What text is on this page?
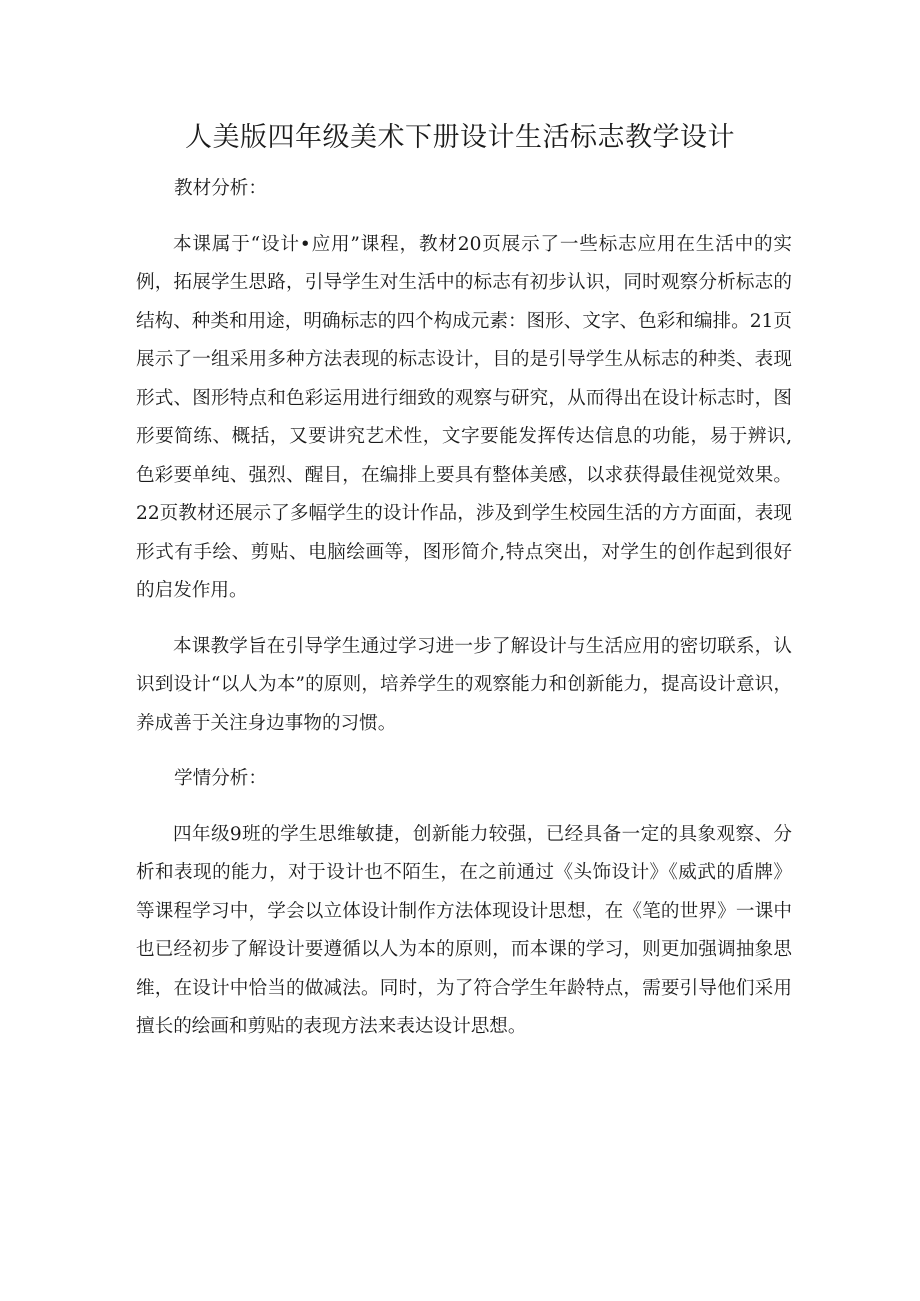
人美版四年级美术下册设计生活标志教学设计

教材分析：

本课属于“设计•应用”课程，教材20页展示了一些标志应用在生活中的实例，拓展学生思路，引导学生对生活中的标志有初步认识，同时观察分析标志的结构、种类和用途，明确标志的四个构成元素：图形、文字、色彩和编排。21页展示了一组采用多种方法表现的标志设计，目的是引导学生从标志的种类、表现形式、图形特点和色彩运用进行细致的观察与研究，从而得出在设计标志时，图形要简练、概括，又要讲究艺术性，文字要能发挥传达信息的功能，易于辨识,色彩要单纯、强烈、醒目，在编排上要具有整体美感，以求获得最佳视觉效果。22页教材还展示了多幅学生的设计作品，涉及到学生校园生活的方方面面，表现形式有手绘、剪贴、电脑绘画等，图形简介,特点突出，对学生的创作起到很好的启发作用。

本课教学旨在引导学生通过学习进一步了解设计与生活应用的密切联系，认识到设计“以人为本”的原则，培养学生的观察能力和创新能力，提高设计意识，养成善于关注身边事物的习惯。

学情分析：

四年级9班的学生思维敏捷，创新能力较强，已经具备一定的具象观察、分析和表现的能力，对于设计也不陌生，在之前通过《头饰设计》《威武的盾牌》等课程学习中，学会以立体设计制作方法体现设计思想，在《笔的世界》一课中也已经初步了解设计要遵循以人为本的原则，而本课的学习，则更加强调抽象思维，在设计中恰当的做减法。同时，为了符合学生年龄特点，需要引导他们采用擅长的绘画和剪贴的表现方法来表达设计思想。
